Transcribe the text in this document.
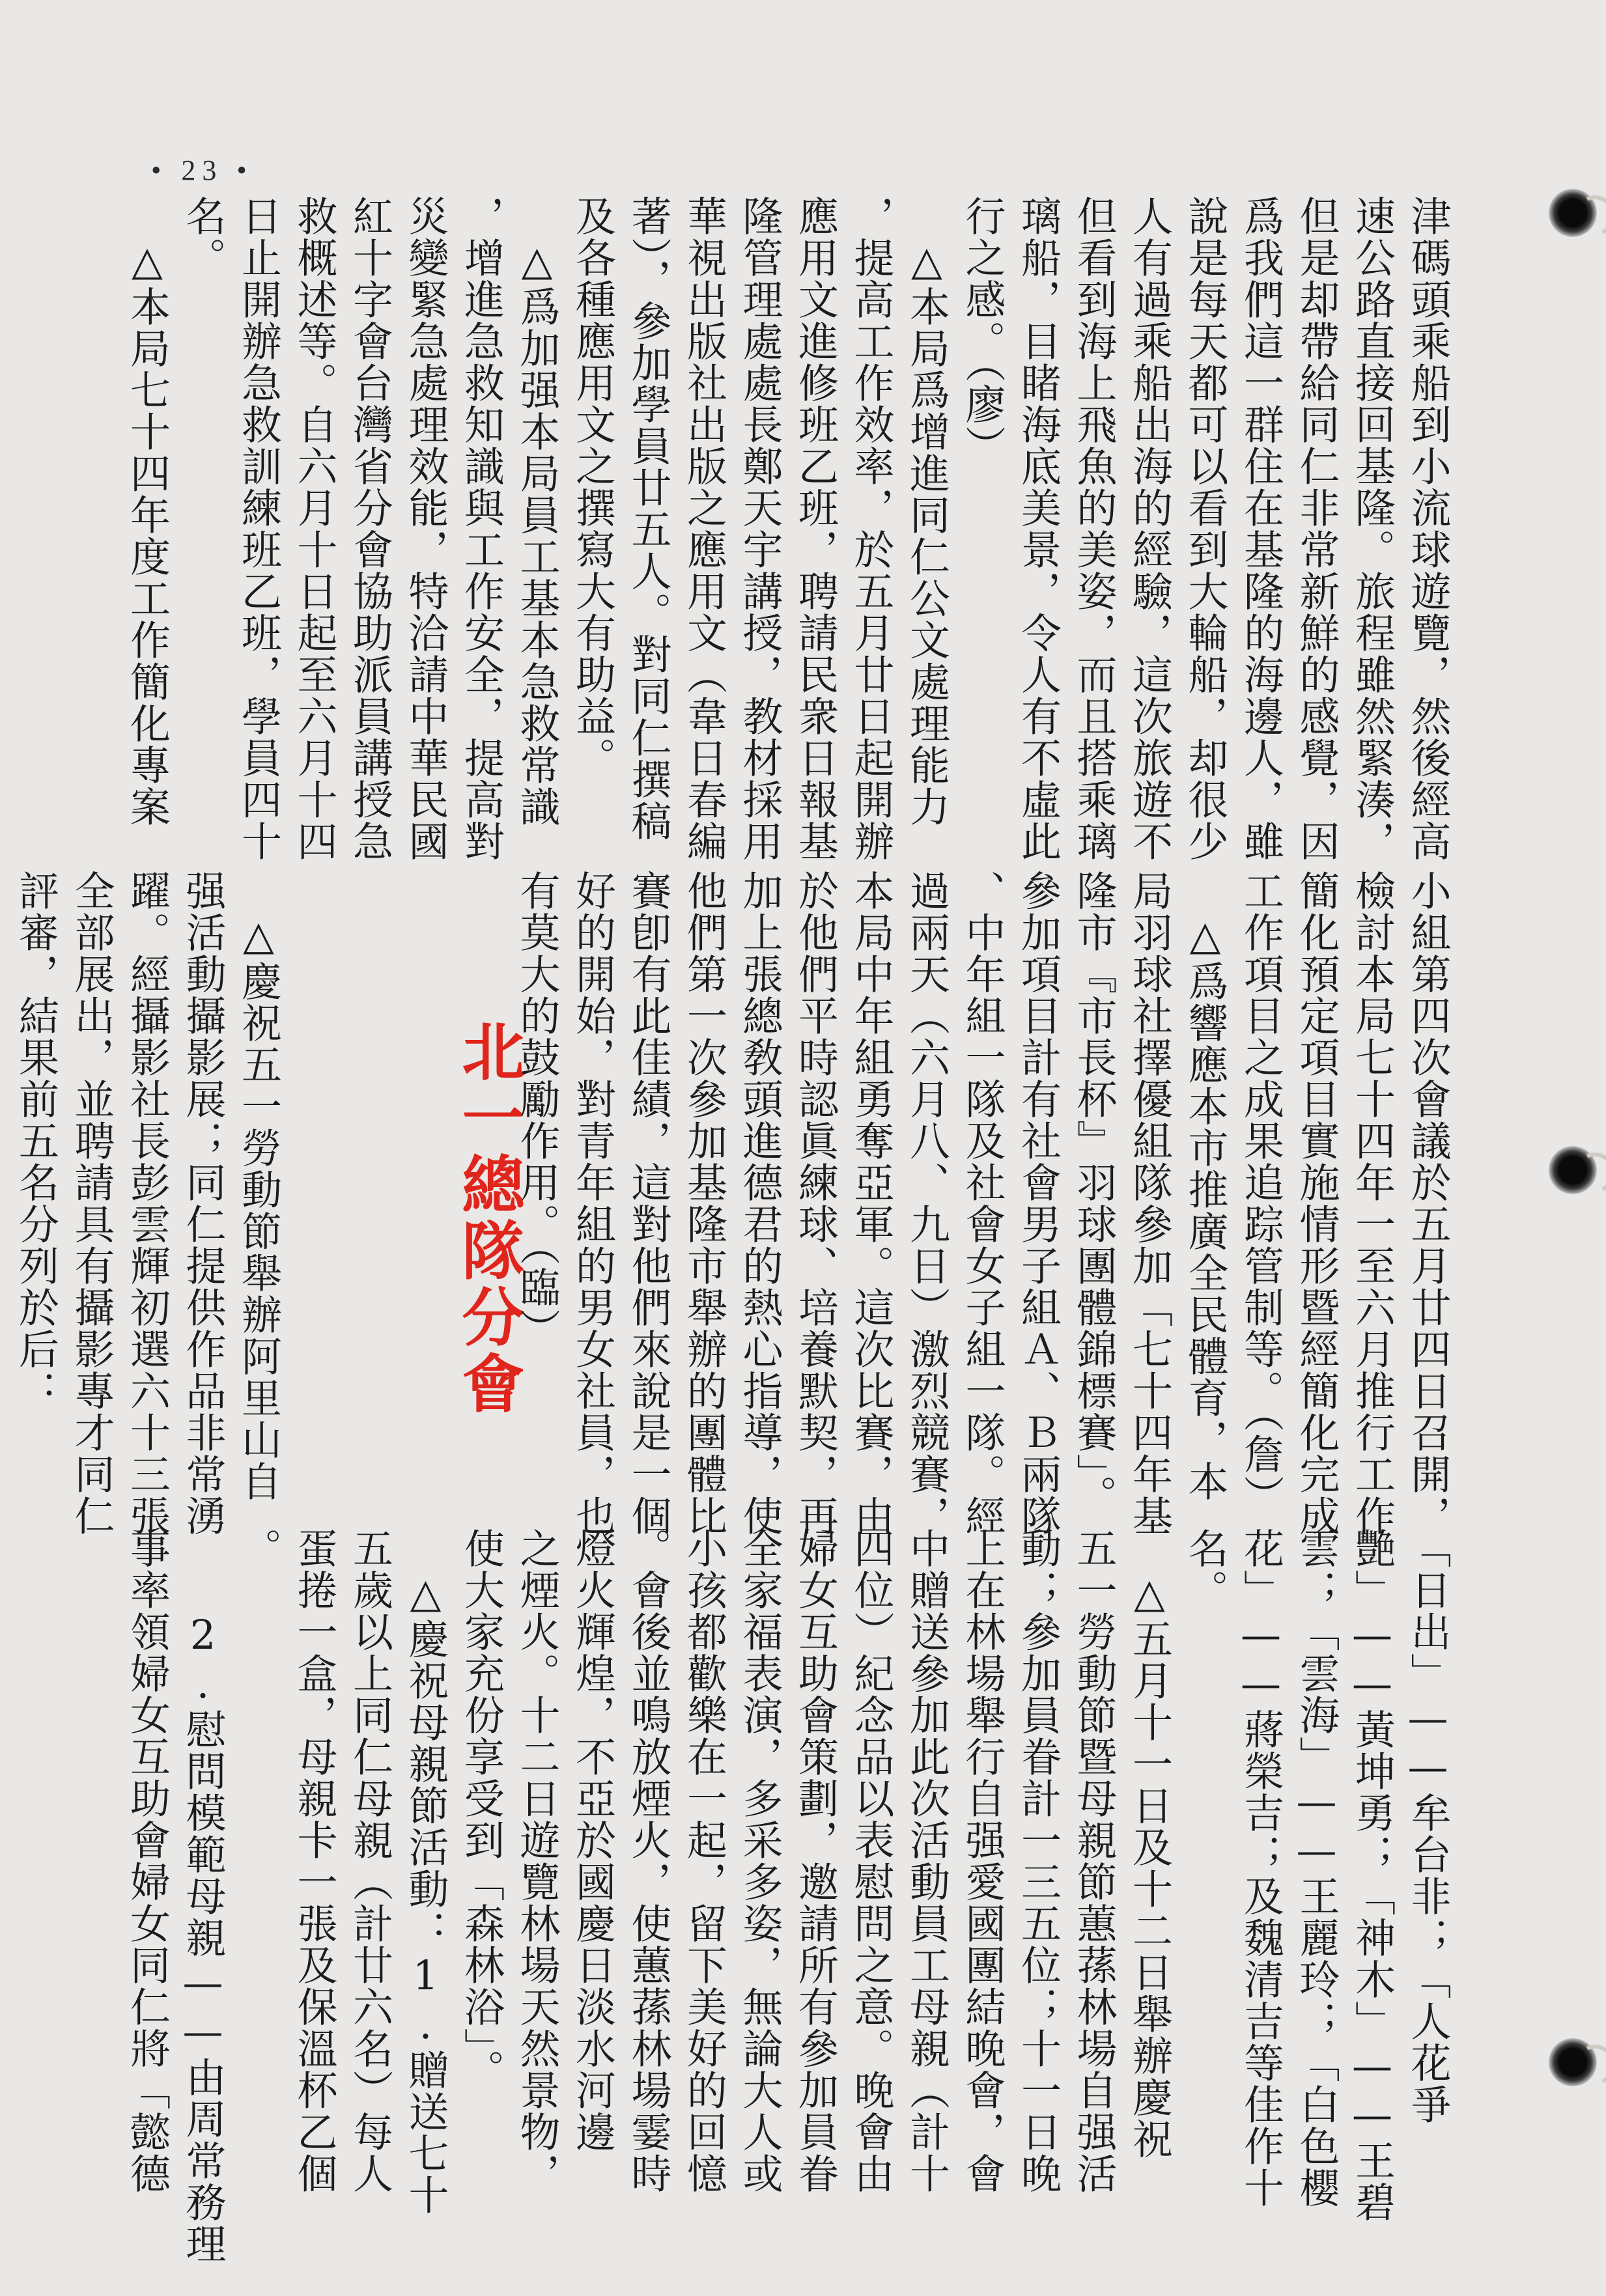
• 23 •
北一總隊分會
津碼頭乘船到小流球遊覽，然後經高
速公路直接回基隆。旅程雖然緊湊，
但是却帶給同仁非常新鮮的感覺，因
爲我們這一群住在基隆的海邊人，雖
說是每天都可以看到大輪船，却很少
人有過乘船出海的經驗，這次旅遊不
但看到海上飛魚的美姿，而且搭乘璃
璃船，目睹海底美景，令人有不虛此
行之感。（廖）
　△本局爲增進同仁公文處理能力
，提高工作效率，於五月廿日起開辦
應用文進修班乙班，聘請民衆日報基
隆管理處處長鄭天宇講授，教材採用
華視出版社出版之應用文（韋日春編
著），參加學員廿五人。對同仁撰稿
及各種應用文之撰寫大有助益。
　△爲加强本局員工基本急救常識
，增進急救知識與工作安全，提高對
災變緊急處理效能，特洽請中華民國
紅十字會台灣省分會協助派員講授急
救概述等。自六月十日起至六月十四
日止開辦急救訓練班乙班，學員四十
名。
　△本局七十四年度工作簡化專案
小組第四次會議於五月廿四日召開，
檢討本局七十四年一至六月推行工作
簡化預定項目實施情形暨經簡化完成
工作項目之成果追踪管制等。（詹）
　△爲響應本市推廣全民體育，本
局羽球社擇優組隊參加「七十四年基
隆市『市長杯』羽球團體錦標賽」。
參加項目計有社會男子組Ａ、Ｂ兩隊
、中年組一隊及社會女子組一隊。經
過兩天（六月八、九日）激烈競賽，
本局中年組勇奪亞軍。這次比賽，由
於他們平時認眞練球、培養默契，再
加上張總敎頭進德君的熱心指導，使
他們第一次參加基隆市舉辦的團體比
賽卽有此佳績，這對他們來說是一個
好的開始，對青年組的男女社員，也
有莫大的鼓勵作用。（臨）
　△慶祝五一勞動節舉辦阿里山自
强活動攝影展；同仁提供作品非常湧
躍。經攝影社長彭雲輝初選六十三張
全部展出，並聘請具有攝影專才同仁
評審，結果前五名分列於后：
「日出」——牟台非；「人花爭
艷」——黃坤勇；「神木」——王碧
雲；「雲海」——王麗玲；「白色櫻
花」——蔣榮吉；及魏清吉等佳作十
名。
　△五月十一日及十二日舉辦慶祝
五一勞動節暨母親節蕙蓀林場自强活
動；參加員眷計一三五位；十一日晚
上在林場舉行自强愛國團結晚會，會
中贈送參加此次活動員工母親（計十
四位）紀念品以表慰問之意。晚會由
婦女互助會策劃，邀請所有參加員眷
全家福表演，多采多姿，無論大人或
小孩都歡樂在一起，留下美好的回憶
。會後並鳴放煙火，使蕙蓀林場霎時
燈火輝煌，不亞於國慶日淡水河邊
之煙火。十二日遊覽林場天然景物，
使大家充份享受到「森林浴」。
　△慶祝母親節活動：1.贈送七十
五歲以上同仁母親（計廿六名）每人
蛋捲一盒，母親卡一張及保溫杯乙個
。
　　2.慰問模範母親——由周常務理
事率領婦女互助會婦女同仁將「懿德
